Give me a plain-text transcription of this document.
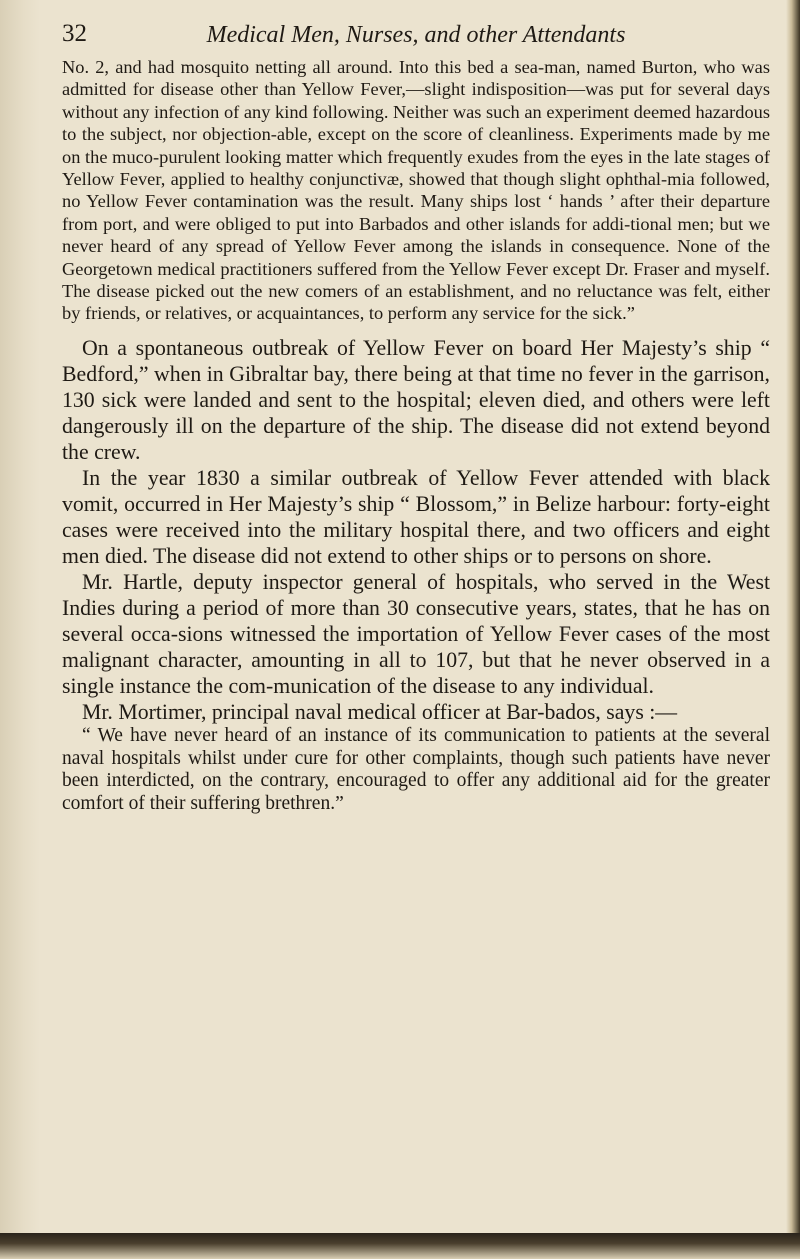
32	Medical Men, Nurses, and other Attendants

No. 2, and had mosquito netting all around. Into this bed a sea-man, named Burton, who was admitted for disease other than Yellow Fever,—slight indisposition—was put for several days without any infection of any kind following. Neither was such an experiment deemed hazardous to the subject, nor objection-able, except on the score of cleanliness. Experiments made by me on the muco-purulent looking matter which frequently exudes from the eyes in the late stages of Yellow Fever, applied to healthy conjunctivæ, showed that though slight ophthal-mia followed, no Yellow Fever contamination was the result. Many ships lost ‘ hands ’ after their departure from port, and were obliged to put into Barbados and other islands for addi-tional men; but we never heard of any spread of Yellow Fever among the islands in consequence. None of the Georgetown medical practitioners suffered from the Yellow Fever except Dr. Fraser and myself. The disease picked out the new comers of an establishment, and no reluctance was felt, either by friends, or relatives, or acquaintances, to perform any service for the sick.”

On a spontaneous outbreak of Yellow Fever on board Her Majesty’s ship “ Bedford,” when in Gibraltar bay, there being at that time no fever in the garrison, 130 sick were landed and sent to the hospital; eleven died, and others were left dangerously ill on the departure of the ship. The disease did not extend beyond the crew.

In the year 1830 a similar outbreak of Yellow Fever attended with black vomit, occurred in Her Majesty’s ship “ Blossom,” in Belize harbour: forty-eight cases were received into the military hospital there, and two officers and eight men died. The disease did not extend to other ships or to persons on shore.

Mr. Hartle, deputy inspector general of hospitals, who served in the West Indies during a period of more than 30 consecutive years, states, that he has on several occa-sions witnessed the importation of Yellow Fever cases of the most malignant character, amounting in all to 107, but that he never observed in a single instance the com-munication of the disease to any individual.

Mr. Mortimer, principal naval medical officer at Bar-bados, says :—

“ We have never heard of an instance of its communication to patients at the several naval hospitals whilst under cure for other complaints, though such patients have never been interdicted, on the contrary, encouraged to offer any additional aid for the greater comfort of their suffering brethren.”
